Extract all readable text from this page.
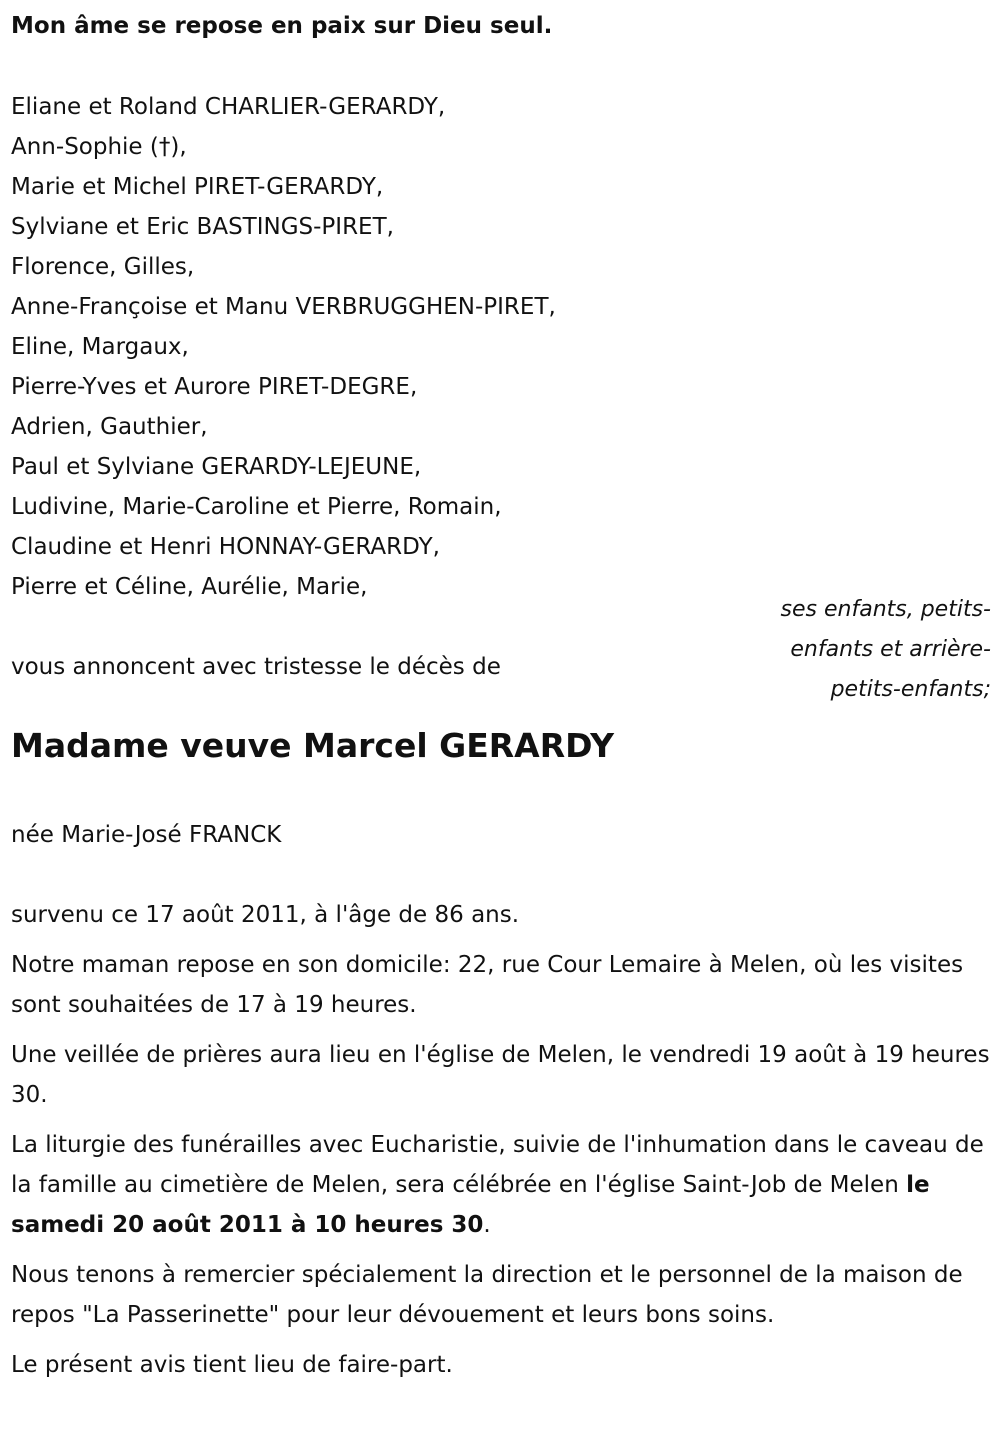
Mon âme se repose en paix sur Dieu seul.

Eliane et Roland CHARLIER-GERARDY,
Ann-Sophie (†),
Marie et Michel PIRET-GERARDY,
Sylviane et Eric BASTINGS-PIRET,
Florence, Gilles,
Anne-Françoise et Manu VERBRUGGHEN-PIRET,
Eline, Margaux,
Pierre-Yves et Aurore PIRET-DEGRE,
Adrien, Gauthier,
Paul et Sylviane GERARDY-LEJEUNE,
Ludivine, Marie-Caroline et Pierre, Romain,
Claudine et Henri HONNAY-GERARDY,
Pierre et Céline, Aurélie, Marie,

ses enfants, petits-enfants et arrière-petits-enfants;

vous annoncent avec tristesse le décès de

Madame veuve Marcel GERARDY

née Marie-José FRANCK

survenu ce 17 août 2011, à l'âge de 86 ans.

Notre maman repose en son domicile: 22, rue Cour Lemaire à Melen, où les visites sont souhaitées de 17 à 19 heures.

Une veillée de prières aura lieu en l'église de Melen, le vendredi 19 août à 19 heures 30.

La liturgie des funérailles avec Eucharistie, suivie de l'inhumation dans le caveau de la famille au cimetière de Melen, sera célébrée en l'église Saint-Job de Melen le samedi 20 août 2011 à 10 heures 30.

Nous tenons à remercier spécialement la direction et le personnel de la maison de repos "La Passerinette" pour leur dévouement et leurs bons soins.

Le présent avis tient lieu de faire-part.
